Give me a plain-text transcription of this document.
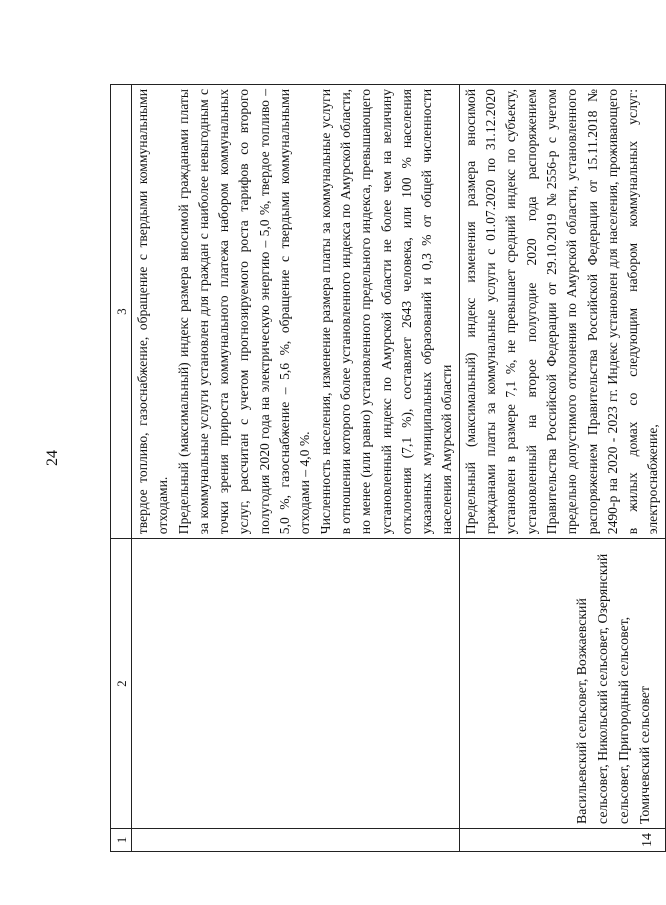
24
1	2	3

		твердое топливо, газоснабжение, обращение с твердыми коммунальными отходами. Предельный (максимальный) индекс размера вносимой гражданами платы за коммунальные услуги установлен для граждан с наиболее невыгодным с точки зрения прироста коммунального платежа набором коммунальных услуг, рассчитан с учетом прогнозируемого роста тарифов со второго полугодия 2020 года на электрическую энергию – 5,0 %, твердое топливо – 5,0 %, газоснабжение – 5,6 %, обращение с твердыми коммунальными отходами – 4,0 %. Численность населения, изменение размера платы за коммунальные услуги в отношении которого более установленного индекса по Амурской области, но менее (или равно) установленного предельного индекса, превышающего установленный индекс по Амурской области не более чем на величину отклонения (7,1 %), составляет 2643 человека, или 100 % населения указанных муниципальных образований и 0,3 % от общей численности населения Амурской области

14	Васильевский сельсовет, Возжаевский сельсовет, Никольский сельсовет, Озерянский сельсовет, Пригородный сельсовет, Томичевский сельсовет	Предельный (максимальный) индекс изменения размера вносимой гражданами платы за коммунальные услуги с 01.07.2020 по 31.12.2020 установлен в размере 7,1 %, не превышает средний индекс по субъекту, установленный на второе полугодие 2020 года распоряжением Правительства Российской Федерации от 29.10.2019 №2556-р с учетом предельно допустимого отклонения по Амурской области, установленного распоряжением Правительства Российской Федерации от 15.11.2018 № 2490-р на 2020 - 2023 гг. Индекс установлен для населения, проживающего в жилых домах со следующим набором коммунальных услуг: электроснабжение,
